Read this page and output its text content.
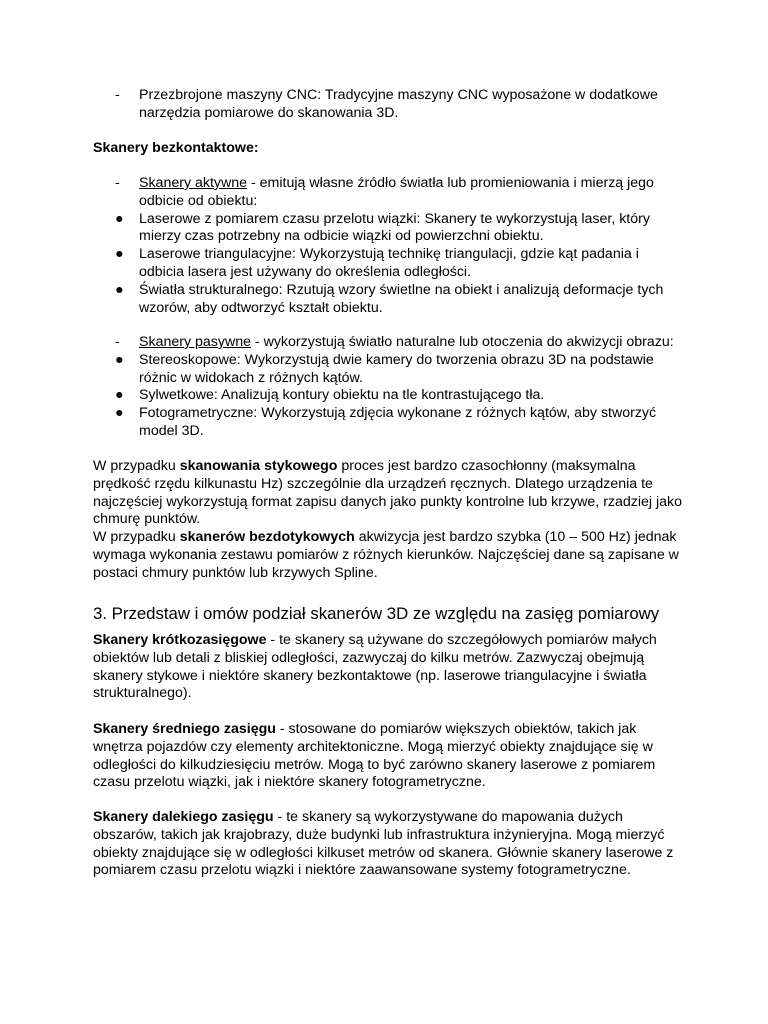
- Przezbrojone maszyny CNC: Tradycyjne maszyny CNC wyposażone w dodatkowe narzędzia pomiarowe do skanowania 3D.
Skanery bezkontaktowe:
- Skanery aktywne - emitują własne źródło światła lub promieniowania i mierzą jego odbicie od obiektu:
● Laserowe z pomiarem czasu przelotu wiązki: Skanery te wykorzystują laser, który mierzy czas potrzebny na odbicie wiązki od powierzchni obiektu.
● Laserowe triangulacyjne: Wykorzystują technikę triangulacji, gdzie kąt padania i odbicia lasera jest używany do określenia odległości.
● Światła strukturalnego: Rzutują wzory świetlne na obiekt i analizują deformacje tych wzorów, aby odtworzyć kształt obiektu.
- Skanery pasywne - wykorzystują światło naturalne lub otoczenia do akwizycji obrazu:
● Stereoskopowe: Wykorzystują dwie kamery do tworzenia obrazu 3D na podstawie różnic w widokach z różnych kątów.
● Sylwetkowe: Analizują kontury obiektu na tle kontrastującego tła.
● Fotogrametryczne: Wykorzystują zdjęcia wykonane z różnych kątów, aby stworzyć model 3D.

W przypadku skanowania stykowego proces jest bardzo czasochłonny (maksymalna prędkość rzędu kilkunastu Hz) szczególnie dla urządzeń ręcznych. Dlatego urządzenia te najczęściej wykorzystują format zapisu danych jako punkty kontrolne lub krzywe, rzadziej jako chmurę punktów.

W przypadku skanerów bezdotykowych akwizycja jest bardzo szybka (10 – 500 Hz) jednak wymaga wykonania zestawu pomiarów z różnych kierunków. Najczęściej dane są zapisane w postaci chmury punktów lub krzywych Spline.

3. Przedstaw i omów podział skanerów 3D ze względu na zasięg pomiarowy

Skanery krótkozasięgowe - te skanery są używane do szczegółowych pomiarów małych obiektów lub detali z bliskiej odległości, zazwyczaj do kilku metrów. Zazwyczaj obejmują skanery stykowe i niektóre skanery bezkontaktowe (np. laserowe triangulacyjne i światła strukturalnego).

Skanery średniego zasięgu - stosowane do pomiarów większych obiektów, takich jak wnętrza pojazdów czy elementy architektoniczne. Mogą mierzyć obiekty znajdujące się w odległości do kilkudziesięciu metrów. Mogą to być zarówno skanery laserowe z pomiarem czasu przelotu wiązki, jak i niektóre skanery fotogrametryczne.

Skanery dalekiego zasięgu - te skanery są wykorzystywane do mapowania dużych obszarów, takich jak krajobrazy, duże budynki lub infrastruktura inżynieryjna. Mogą mierzyć obiekty znajdujące się w odległości kilkuset metrów od skanera. Głównie skanery laserowe z pomiarem czasu przelotu wiązki i niektóre zaawansowane systemy fotogrametryczne.
